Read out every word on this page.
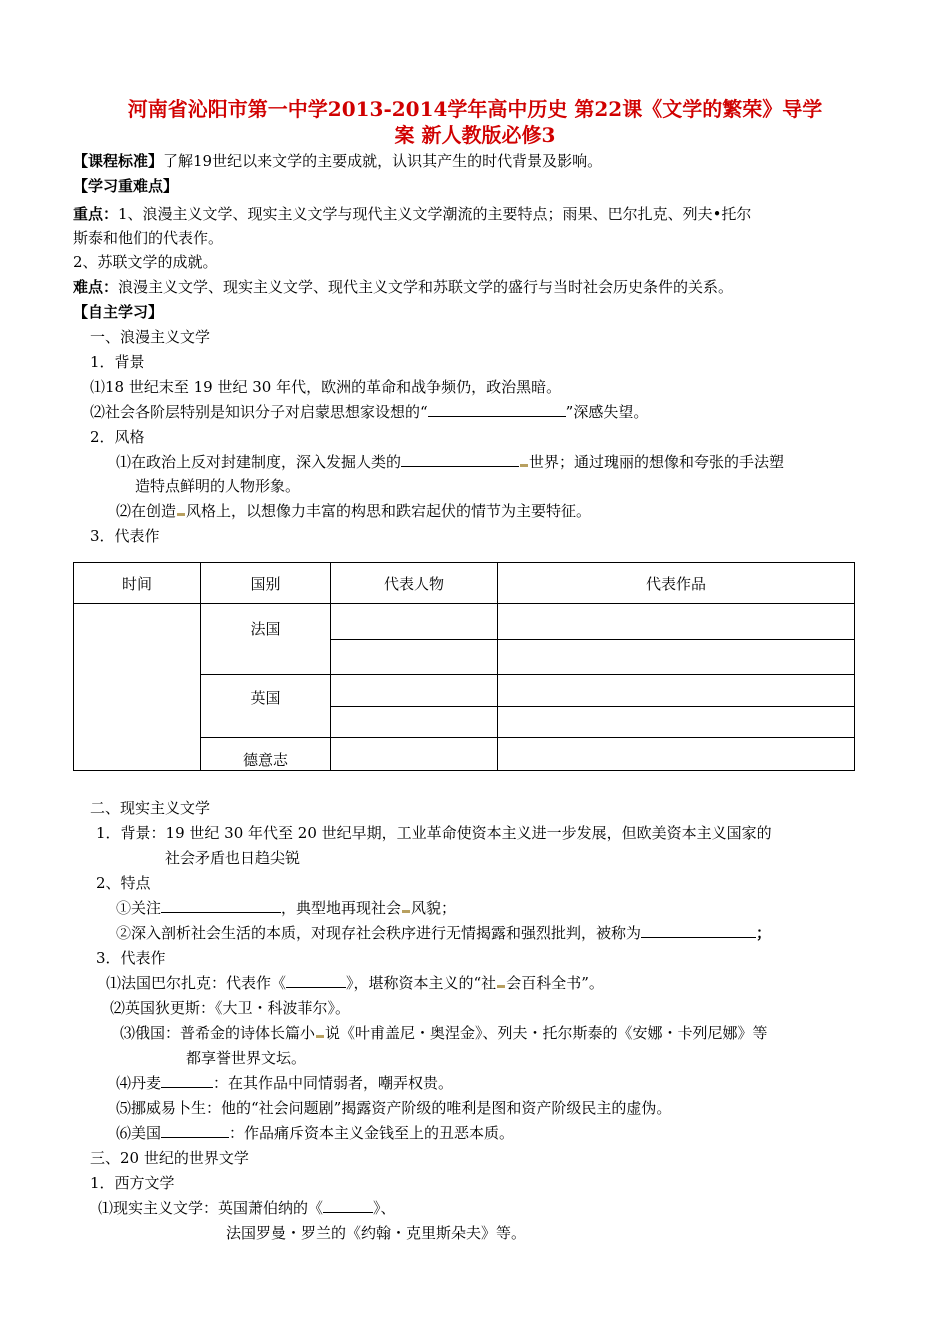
河南省沁阳市第一中学2013-2014学年高中历史 第22课《文学的繁荣》导学
案 新人教版必修3
【课程标准】了解19世纪以来文学的主要成就，认识其产生的时代背景及影响。
【学习重难点】
重点：1、浪漫主义文学、现实主义文学与现代主义文学潮流的主要特点；雨果、巴尔扎克、列夫•托尔
斯泰和他们的代表作。
2、苏联文学的成就。
难点：浪漫主义文学、现实主义文学、现代主义文学和苏联文学的盛行与当时社会历史条件的关系。
【自主学习】
一、浪漫主义文学
1．背景
⑴18 世纪末至 19 世纪 30 年代，欧洲的革命和战争频仍，政治黑暗。
⑵社会各阶层特别是知识分子对启蒙思想家设想的“	”深感失望。
2．风格
⑴在政治上反对封建制度，深入发掘人类的	世界；通过瑰丽的想像和夸张的手法塑
造特点鲜明的人物形象。
⑵在创造 风格上，以想像力丰富的构思和跌宕起伏的情节为主要特征。
3．代表作
时间	国别	代表人物	代表作品
	法国		

	英国		

	德意志		
二、现实主义文学
1．背景：19 世纪 30 年代至 20 世纪早期，工业革命使资本主义进一步发展，但欧美资本主义国家的
社会矛盾也日趋尖锐
2、特点
①关注	，典型地再现社会 风貌；
②深入剖析社会生活的本质，对现存社会秩序进行无情揭露和强烈批判，被称为	；
3．代表作
⑴法国巴尔扎克：代表作《	》，堪称资本主义的“社 会百科全书”。
⑵英国狄更斯：《大卫・科波菲尔》。
⑶俄国：普希金的诗体长篇小 说《叶甫盖尼・奥涅金》、列夫・托尔斯泰的《安娜・卡列尼娜》等
都享誉世界文坛。
⑷丹麦	：在其作品中同情弱者，嘲弄权贵。
⑸挪威易卜生：他的“社会问题剧”揭露资产阶级的唯利是图和资产阶级民主的虚伪。
⑹美国	：作品痛斥资本主义金钱至上的丑恶本质。
三、20 世纪的世界文学
1．西方文学
⑴现实主义文学：英国萧伯纳的《	》、
法国罗曼・罗兰的《约翰・克里斯朵夫》等。
